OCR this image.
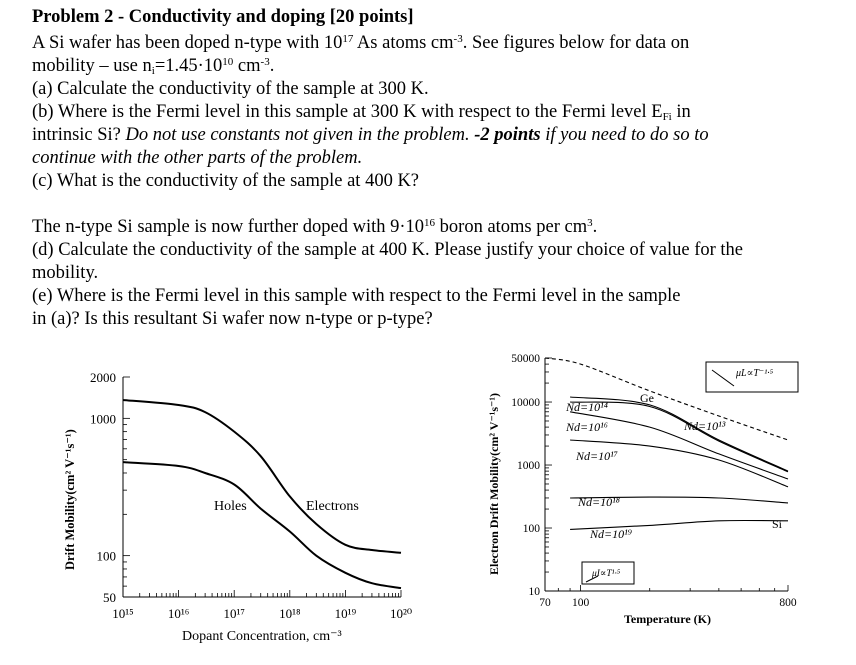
Problem 2 - Conductivity and doping [20 points]
A Si wafer has been doped n-type with $10^{17}$ As atoms $cm^{-3}$. See figures below for data on
mobility – use $n_i=1.45\cdot 10^{10}$ $cm^{-3}$.
(a) Calculate the conductivity of the sample at 300 K.
(b) Where is the Fermi level in this sample at 300 K with respect to the Fermi level $E_{Fi}$ in
intrinsic Si? Do not use constants not given in the problem. -2 points if you need to do so to
continue with the other parts of the problem.
(c) What is the conductivity of the sample at 400 K?
The n-type Si sample is now further doped with $9\cdot 10^{16}$ boron atoms per $cm^3$.
(d) Calculate the conductivity of the sample at 400 K. Please justify your choice of value for the
mobility.
(e) Where is the Fermi level in this sample with respect to the Fermi level in the sample
in (a)? Is this resultant Si wafer now n-type or p-type?
10¹⁵	10¹⁶	10¹⁷	10¹⁸	10¹⁹	10²⁰
50
100
1000
2000
Holes	Electrons
Dopant Concentration, cm⁻³
Drift Mobility(cm² V⁻¹s⁻¹)
70 100	800
10
100
1000
10000
50000
μL∝T⁻¹·⁵
μI∝T¹·⁵
Ge
Si
Nd=10¹⁴
Nd=10¹⁶
Nd=10¹⁷
Nd=10¹³
Nd=10¹⁸
Nd=10¹⁹
Temperature (K)
Electron Drift Mobility(cm² V⁻¹s⁻¹)
